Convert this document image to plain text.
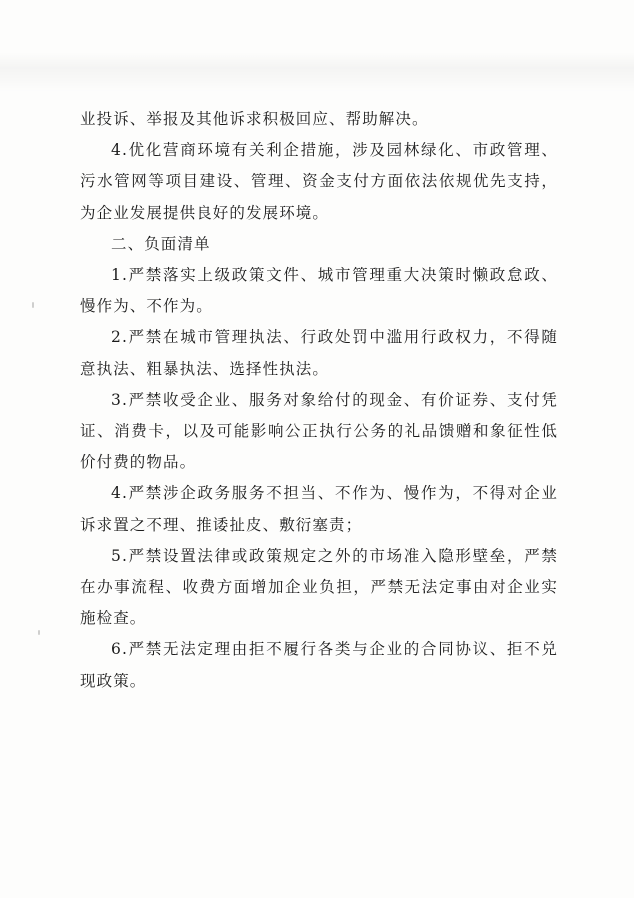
业投诉、举报及其他诉求积极回应、帮助解决。

4.优化营商环境有关利企措施，涉及园林绿化、市政管理、污水管网等项目建设、管理、资金支付方面依法依规优先支持，为企业发展提供良好的发展环境。

二、负面清单

1.严禁落实上级政策文件、城市管理重大决策时懒政怠政、慢作为、不作为。

2.严禁在城市管理执法、行政处罚中滥用行政权力，不得随意执法、粗暴执法、选择性执法。

3.严禁收受企业、服务对象给付的现金、有价证券、支付凭证、消费卡，以及可能影响公正执行公务的礼品馈赠和象征性低价付费的物品。

4.严禁涉企政务服务不担当、不作为、慢作为，不得对企业诉求置之不理、推诿扯皮、敷衍塞责；

5.严禁设置法律或政策规定之外的市场准入隐形壁垒，严禁在办事流程、收费方面增加企业负担，严禁无法定事由对企业实施检查。

6.严禁无法定理由拒不履行各类与企业的合同协议、拒不兑现政策。
